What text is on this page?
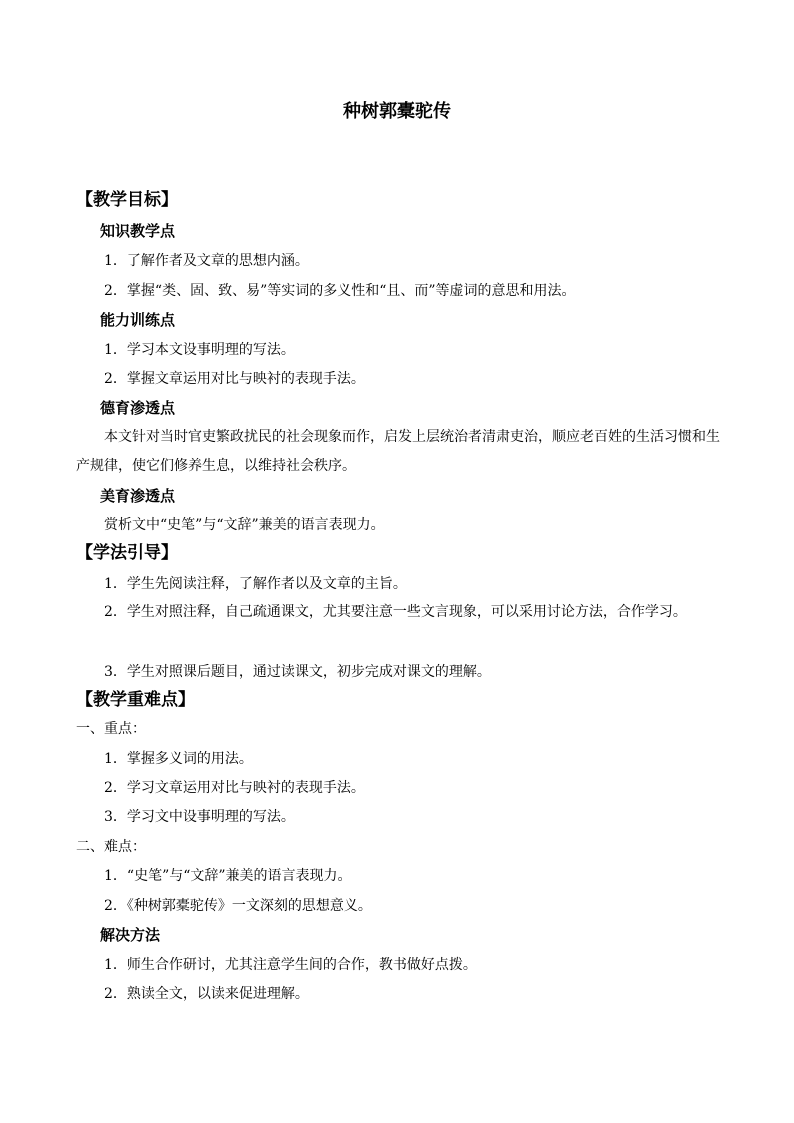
种树郭橐驼传
【教学目标】
知识教学点
1．了解作者及文章的思想内涵。
2．掌握“类、固、致、易”等实词的多义性和“且、而”等虚词的意思和用法。
能力训练点
1．学习本文设事明理的写法。
2．掌握文章运用对比与映衬的表现手法。
德育渗透点
本文针对当时官吏繁政扰民的社会现象而作，启发上层统治者清肃吏治，顺应老百姓的生活习惯和生产规律，使它们修养生息，以维持社会秩序。
美育渗透点
赏析文中“史笔”与“文辞”兼美的语言表现力。
【学法引导】
1．学生先阅读注释，了解作者以及文章的主旨。
2．学生对照注释，自己疏通课文，尤其要注意一些文言现象，可以采用讨论方法，合作学习。
3．学生对照课后题目，通过读课文，初步完成对课文的理解。
【教学重难点】
一、重点：
1．掌握多义词的用法。
2．学习文章运用对比与映衬的表现手法。
3．学习文中设事明理的写法。
二、难点：
1．“史笔”与“文辞”兼美的语言表现力。
2．《种树郭橐驼传》一文深刻的思想意义。
解决方法
1．师生合作研讨，尤其注意学生间的合作，教书做好点拨。
2．熟读全文，以读来促进理解。
